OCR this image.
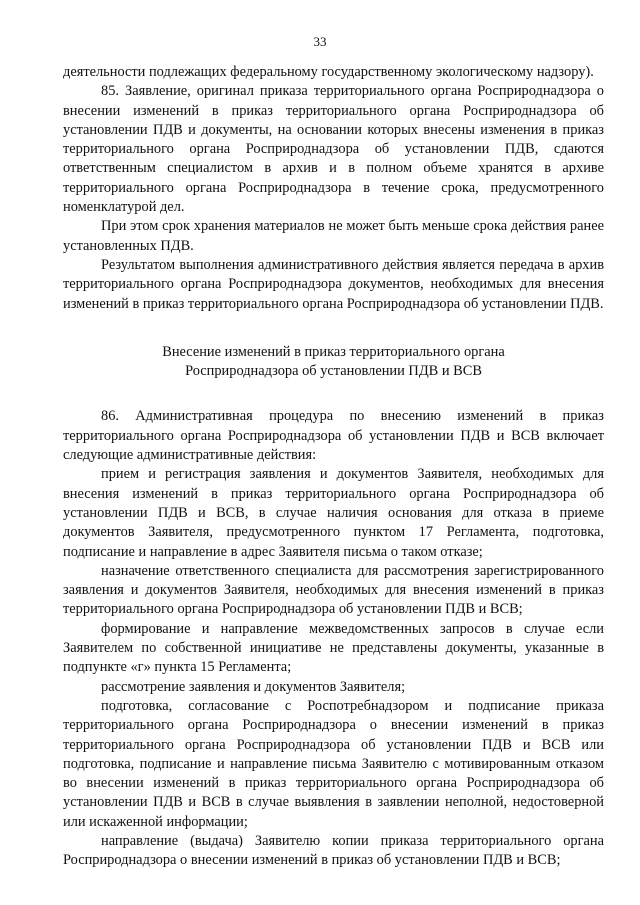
33

деятельности подлежащих федеральному государственному экологическому надзору).

85. Заявление, оригинал приказа территориального органа Росприроднадзора о внесении изменений в приказ территориального органа Росприроднадзора об установлении ПДВ и документы, на основании которых внесены изменения в приказ территориального органа Росприроднадзора об установлении ПДВ, сдаются ответственным специалистом в архив и в полном объеме хранятся в архиве территориального органа Росприроднадзора в течение срока, предусмотренного номенклатурой дел.

При этом срок хранения материалов не может быть меньше срока действия ранее установленных ПДВ.

Результатом выполнения административного действия является передача в архив территориального органа Росприроднадзора документов, необходимых для внесения изменений в приказ территориального органа Росприроднадзора об установлении ПДВ.

Внесение изменений в приказ территориального органа
Росприроднадзора об установлении ПДВ и ВСВ

86. Административная процедура по внесению изменений в приказ территориального органа Росприроднадзора об установлении ПДВ и ВСВ включает следующие административные действия:

прием и регистрация заявления и документов Заявителя, необходимых для внесения изменений в приказ территориального органа Росприроднадзора об установлении ПДВ и ВСВ, в случае наличия основания для отказа в приеме документов Заявителя, предусмотренного пунктом 17 Регламента, подготовка, подписание и направление в адрес Заявителя письма о таком отказе;

назначение ответственного специалиста для рассмотрения зарегистрированного заявления и документов Заявителя, необходимых для внесения изменений в приказ территориального органа Росприроднадзора об установлении ПДВ и ВСВ;

формирование и направление межведомственных запросов в случае если Заявителем по собственной инициативе не представлены документы, указанные в подпункте «г» пункта 15 Регламента;

рассмотрение заявления и документов Заявителя;

подготовка, согласование с Роспотребнадзором и подписание приказа территориального органа Росприроднадзора о внесении изменений в приказ территориального органа Росприроднадзора об установлении ПДВ и ВСВ или подготовка, подписание и направление письма Заявителю с мотивированным отказом во внесении изменений в приказ территориального органа Росприроднадзора об установлении ПДВ и ВСВ в случае выявления в заявлении неполной, недостоверной или искаженной информации;

направление (выдача) Заявителю копии приказа территориального органа Росприроднадзора о внесении изменений в приказ об установлении ПДВ и ВСВ;
